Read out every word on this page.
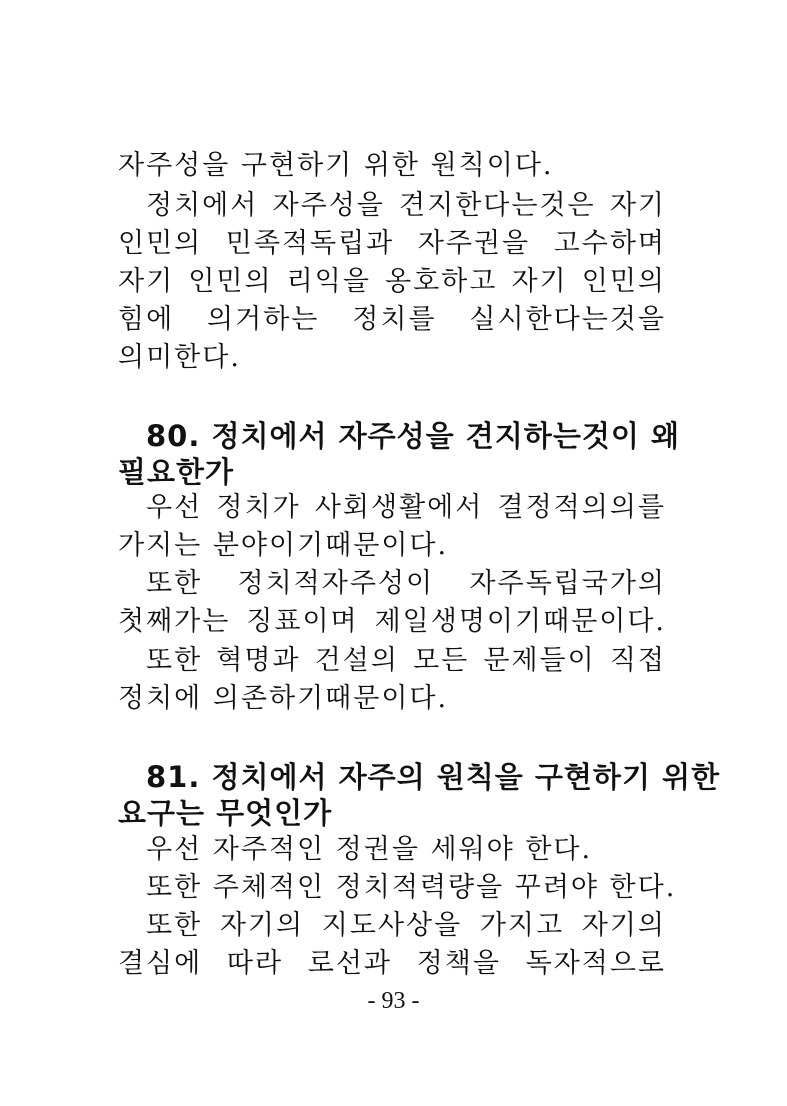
자주성을 구현하기 위한 원칙이다.
정치에서 자주성을 견지한다는것은 자기
인민의 민족적독립과 자주권을 고수하며
자기 인민의 리익을 옹호하고 자기 인민의
힘에 의거하는 정치를 실시한다는것을
의미한다.
80. 정치에서 자주성을 견지하는것이 왜
필요한가
우선 정치가 사회생활에서 결정적의의를
가지는 분야이기때문이다.
또한 정치적자주성이 자주독립국가의
첫째가는 징표이며 제일생명이기때문이다.
또한 혁명과 건설의 모든 문제들이 직접
정치에 의존하기때문이다.
81. 정치에서 자주의 원칙을 구현하기 위한
요구는 무엇인가
우선 자주적인 정권을 세워야 한다.
또한 주체적인 정치적력량을 꾸려야 한다.
또한 자기의 지도사상을 가지고 자기의
결심에 따라 로선과 정책을 독자적으로
- 93 -
